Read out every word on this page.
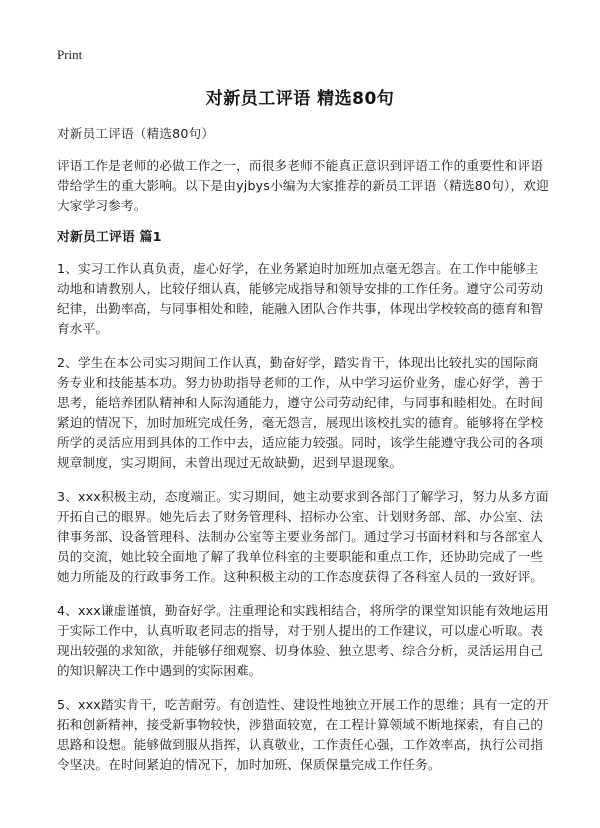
Print
对新员工评语 精选80句

对新员工评语（精选80句）

评语工作是老师的必做工作之一，而很多老师不能真正意识到评语工作的重要性和评语带给学生的重大影响。以下是由yjbys小编为大家推荐的新员工评语（精选80句），欢迎大家学习参考。

对新员工评语 篇1

1、实习工作认真负责，虚心好学，在业务紧迫时加班加点毫无怨言。在工作中能够主动地和请教别人，比较仔细认真，能够完成指导和领导安排的工作任务。遵守公司劳动纪律，出勤率高，与同事相处和睦，能融入团队合作共事，体现出学校较高的德育和智育水平。

2、学生在本公司实习期间工作认真，勤奋好学，踏实肯干，体现出比较扎实的国际商务专业和技能基本功。努力协助指导老师的工作，从中学习运价业务，虚心好学，善于思考，能培养团队精神和人际沟通能力，遵守公司劳动纪律，与同事和睦相处。在时间紧迫的情况下，加时加班完成任务，毫无怨言，展现出该校扎实的德育。能够将在学校所学的灵活应用到具体的工作中去，适应能力较强。同时，该学生能遵守我公司的各项规章制度，实习期间，未曾出现过无故缺勤，迟到早退现象。

3、xxx积极主动，态度端正。实习期间，她主动要求到各部门了解学习，努力从多方面开拓自己的眼界。她先后去了财务管理科、招标办公室、计划财务部、部、办公室、法律事务部、设备管理科、法制办公室等主要业务部门。通过学习书面材料和与各部室人员的交流，她比较全面地了解了我单位科室的主要职能和重点工作，还协助完成了一些她力所能及的行政事务工作。这种积极主动的工作态度获得了各科室人员的一致好评。

4、xxx谦虚谨慎，勤奋好学。注重理论和实践相结合，将所学的课堂知识能有效地运用于实际工作中，认真听取老同志的指导，对于别人提出的工作建议，可以虚心听取。表现出较强的求知欲，并能够仔细观察、切身体验、独立思考、综合分析，灵活运用自己的知识解决工作中遇到的实际困难。

5、xxx踏实肯干，吃苦耐劳。有创造性、建设性地独立开展工作的思维；具有一定的开拓和创新精神，接受新事物较快，涉猎面较宽，在工程计算领域不断地探索，有自己的思路和设想。能够做到服从指挥，认真敬业，工作责任心强，工作效率高，执行公司指令坚决。在时间紧迫的情况下，加时加班、保质保量完成工作任务。
